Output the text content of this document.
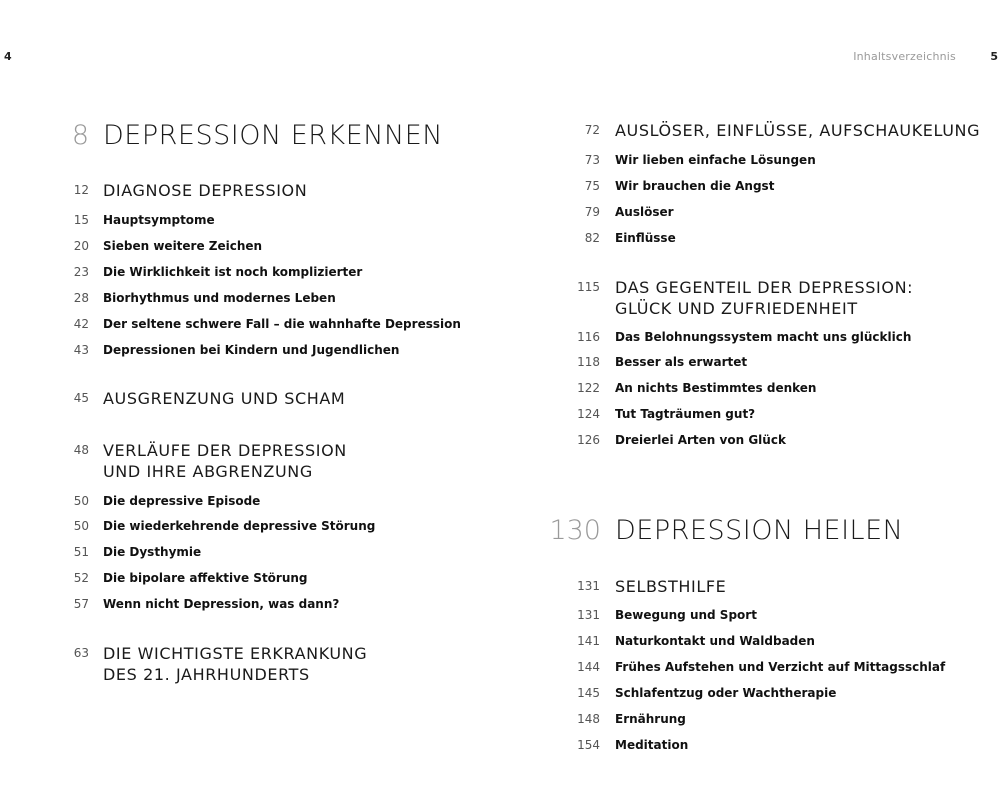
4	Inhaltsverzeichnis	5
8 DEPRESSION ERKENNEN
12 DIAGNOSE DEPRESSION
15 Hauptsymptome
20 Sieben weitere Zeichen
23 Die Wirklichkeit ist noch komplizierter
28 Biorhythmus und modernes Leben
42 Der seltene schwere Fall – die wahnhafte Depression
43 Depressionen bei Kindern und Jugendlichen
45 AUSGRENZUNG UND SCHAM
48 VERLÄUFE DER DEPRESSION
UND IHRE ABGRENZUNG
50 Die depressive Episode
50 Die wiederkehrende depressive Störung
51 Die Dysthymie
52 Die bipolare affektive Störung
57 Wenn nicht Depression, was dann?
63 DIE WICHTIGSTE ERKRANKUNG
DES 21. JAHRHUNDERTS
72 AUSLÖSER, EINFLÜSSE, AUFSCHAUKELUNG
73 Wir lieben einfache Lösungen
75 Wir brauchen die Angst
79 Auslöser
82 Einflüsse
115 DAS GEGENTEIL DER DEPRESSION:
GLÜCK UND ZUFRIEDENHEIT
116 Das Belohnungssystem macht uns glücklich
118 Besser als erwartet
122 An nichts Bestimmtes denken
124 Tut Tagträumen gut?
126 Dreierlei Arten von Glück
130 DEPRESSION HEILEN
131 SELBSTHILFE
131 Bewegung und Sport
141 Naturkontakt und Waldbaden
144 Frühes Aufstehen und Verzicht auf Mittagsschlaf
145 Schlafentzug oder Wachtherapie
148 Ernährung
154 Meditation
